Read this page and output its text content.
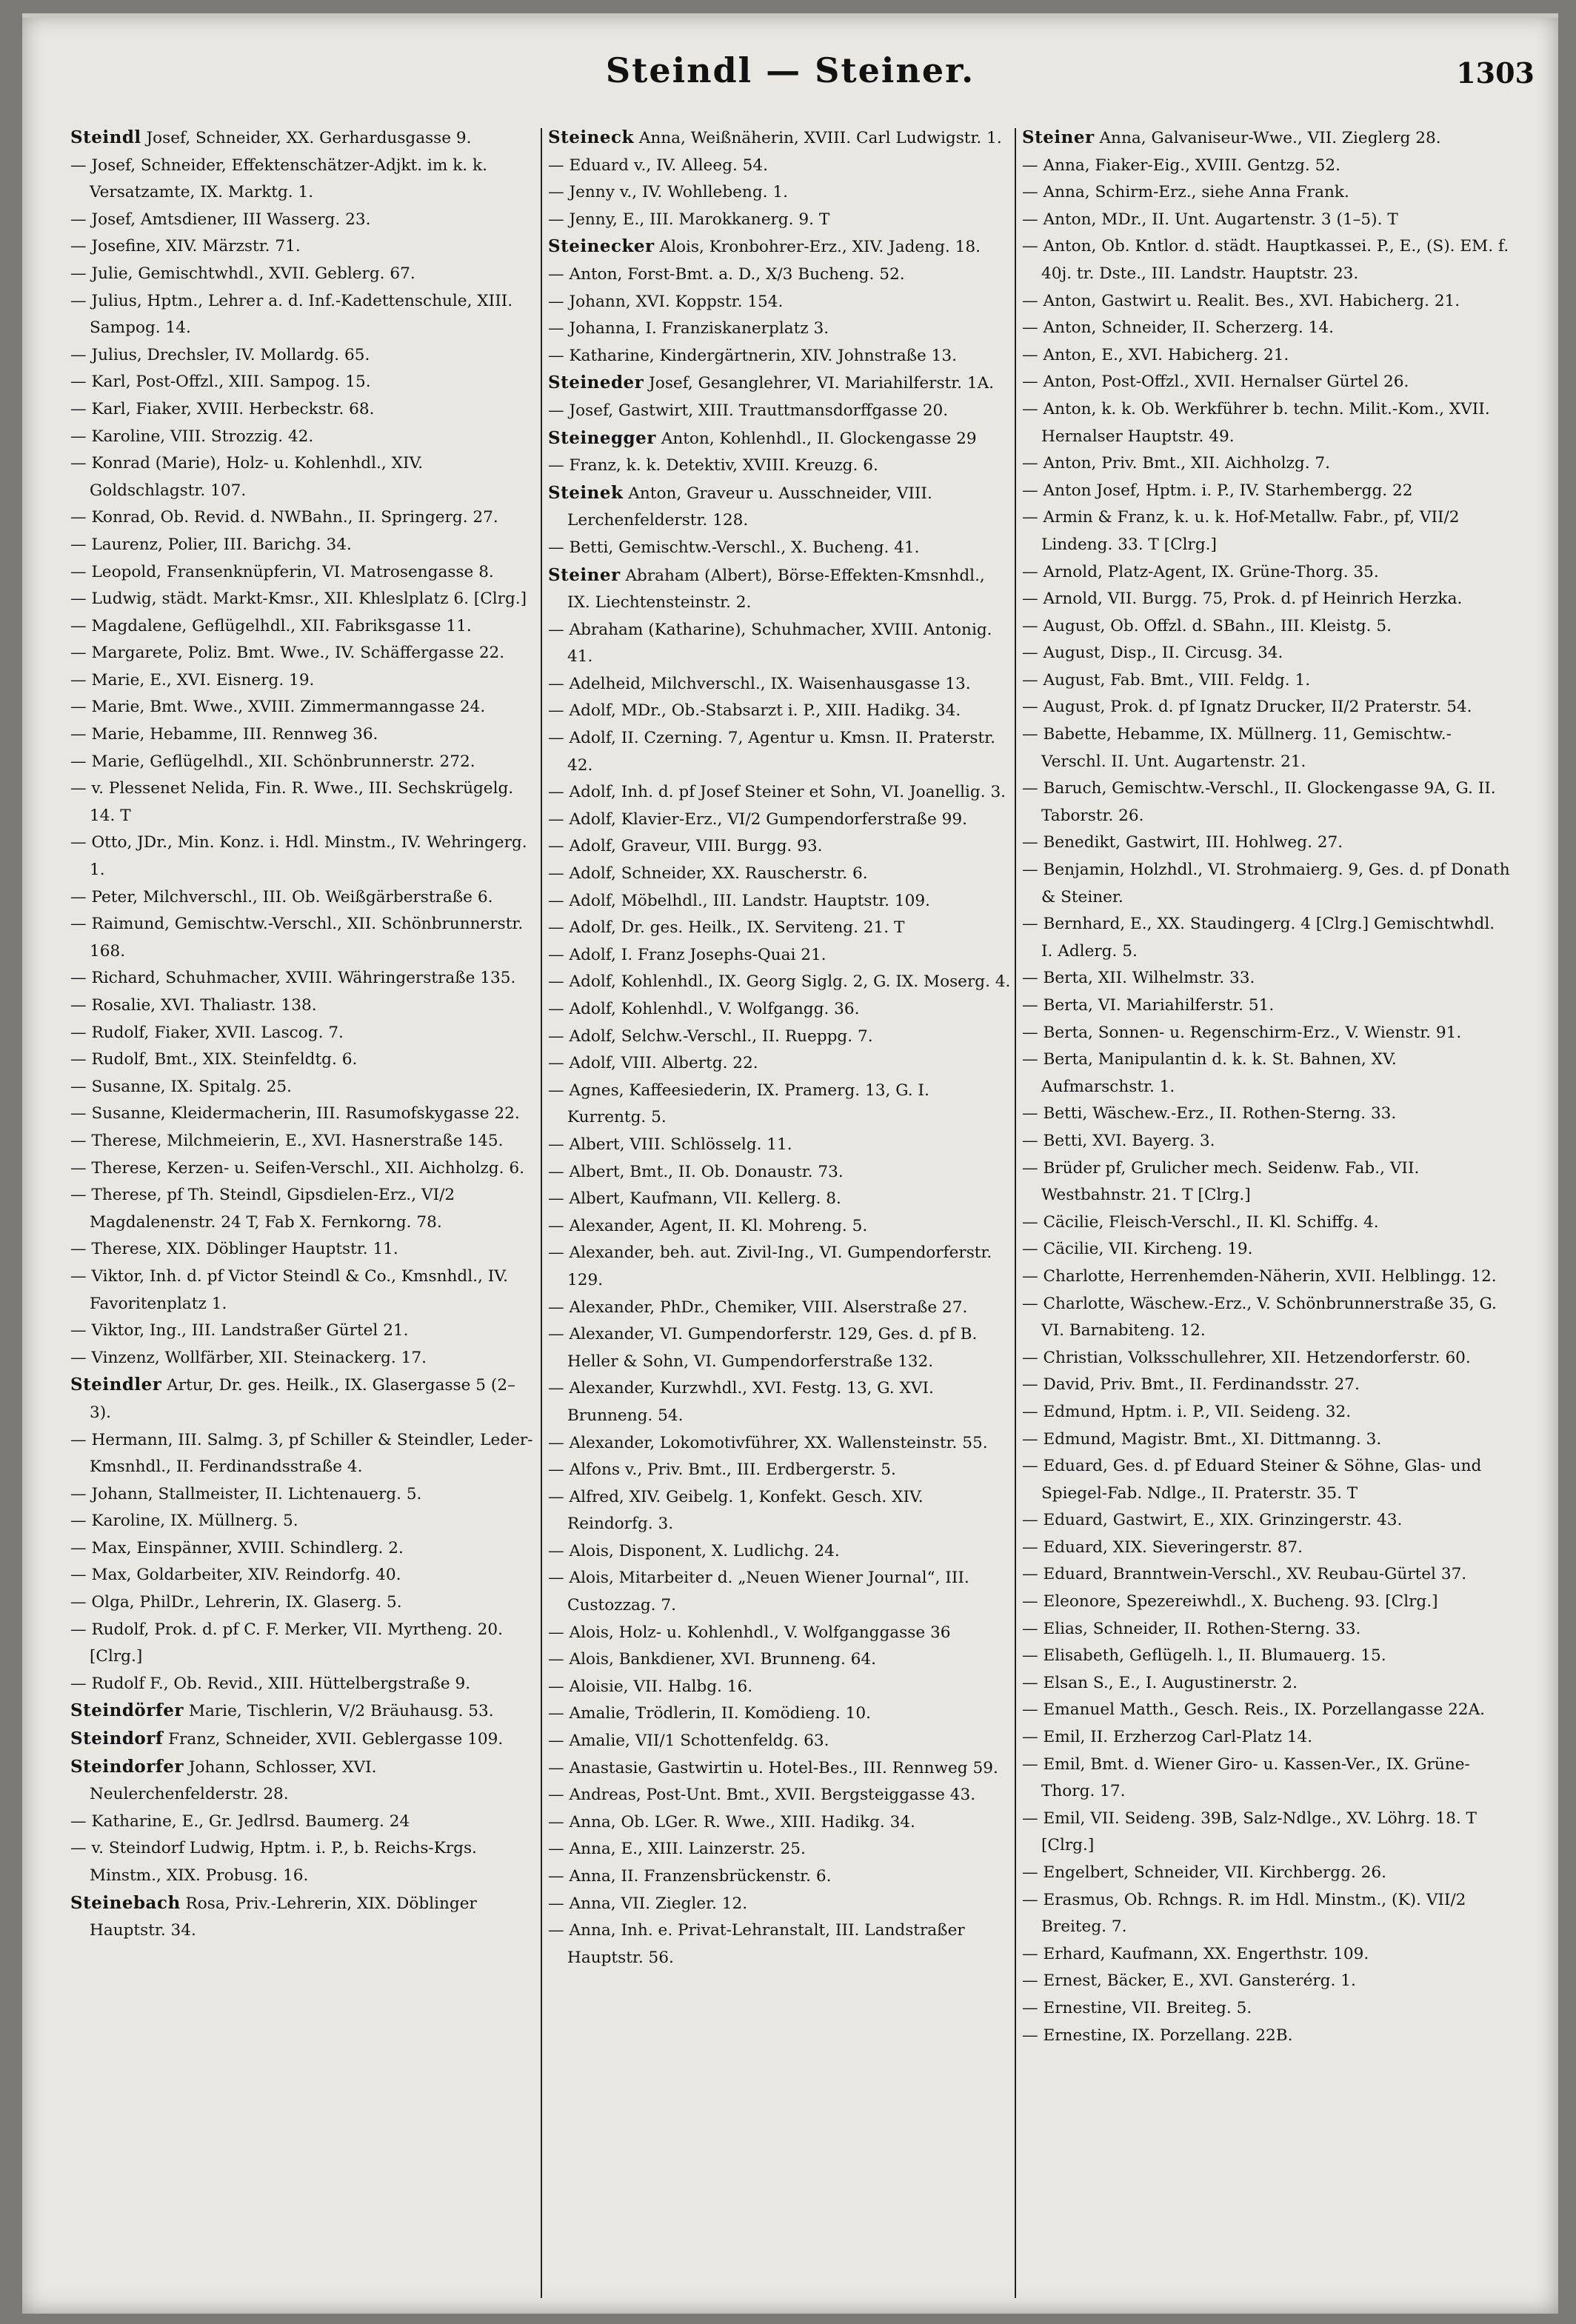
Steindl — Steiner.	1303

Steindl Josef, Schneider, XX. Gerhardusgasse 9.

— Josef, Schneider, Effektenschätzer-Adjkt. im k. k. Versatzamte, IX. Marktg. 1.

— Josef, Amtsdiener, III Wasserg. 23.

— Josefine, XIV. Märzstr. 71.

— Julie, Gemischtwhdl., XVII. Geblerg. 67.

— Julius, Hptm., Lehrer a. d. Inf.-Kadettenschule, XIII. Sampog. 14.

— Julius, Drechsler, IV. Mollardg. 65.

— Karl, Post-Offzl., XIII. Sampog. 15.

— Karl, Fiaker, XVIII. Herbeckstr. 68.

— Karoline, VIII. Strozzig. 42.

— Konrad (Marie), Holz- u. Kohlenhdl., XIV. Goldschlagstr. 107.

— Konrad, Ob. Revid. d. NWBahn., II. Springerg. 27.

— Laurenz, Polier, III. Barichg. 34.

— Leopold, Fransenknüpferin, VI. Matrosengasse 8.

— Ludwig, städt. Markt-Kmsr., XII. Khleslplatz 6. [Clrg.]

— Magdalene, Geflügelhdl., XII. Fabriksgasse 11.

— Margarete, Poliz. Bmt. Wwe., IV. Schäffergasse 22.

— Marie, E., XVI. Eisnerg. 19.

— Marie, Bmt. Wwe., XVIII. Zimmermanngasse 24.

— Marie, Hebamme, III. Rennweg 36.

— Marie, Geflügelhdl., XII. Schönbrunnerstr. 272.

— v. Plessenet Nelida, Fin. R. Wwe., III. Sechskrügelg. 14. T

— Otto, JDr., Min. Konz. i. Hdl. Minstm., IV. Wehringerg. 1.

— Peter, Milchverschl., III. Ob. Weißgärberstraße 6.

— Raimund, Gemischtw.-Verschl., XII. Schönbrunnerstr. 168.

— Richard, Schuhmacher, XVIII. Währingerstraße 135.

— Rosalie, XVI. Thaliastr. 138.

— Rudolf, Fiaker, XVII. Lascog. 7.

— Rudolf, Bmt., XIX. Steinfeldtg. 6.

— Susanne, IX. Spitalg. 25.

— Susanne, Kleidermacherin, III. Rasumofskygasse 22.

— Therese, Milchmeierin, E., XVI. Hasnerstraße 145.

— Therese, Kerzen- u. Seifen-Verschl., XII. Aichholzg. 6.

— Therese, pf Th. Steindl, Gipsdielen-Erz., VI/2 Magdalenenstr. 24 T, Fab X. Fernkorng. 78.

— Therese, XIX. Döblinger Hauptstr. 11.

— Viktor, Inh. d. pf Victor Steindl & Co., Kmsnhdl., IV. Favoritenplatz 1.

— Viktor, Ing., III. Landstraßer Gürtel 21.

— Vinzenz, Wollfärber, XII. Steinackerg. 17.

Steindler Artur, Dr. ges. Heilk., IX. Glasergasse 5 (2–3).

— Hermann, III. Salmg. 3, pf Schiller & Steindler, Leder-Kmsnhdl., II. Ferdinandsstraße 4.

— Johann, Stallmeister, II. Lichtenauerg. 5.

— Karoline, IX. Müllnerg. 5.

— Max, Einspänner, XVIII. Schindlerg. 2.

— Max, Goldarbeiter, XIV. Reindorfg. 40.

— Olga, PhilDr., Lehrerin, IX. Glaserg. 5.

— Rudolf, Prok. d. pf C. F. Merker, VII. Myrtheng. 20. [Clrg.]

— Rudolf F., Ob. Revid., XIII. Hüttelbergstraße 9.

Steindörfer Marie, Tischlerin, V/2 Bräuhausg. 53.

Steindorf Franz, Schneider, XVII. Geblergasse 109.

Steindorfer Johann, Schlosser, XVI. Neulerchenfelderstr. 28.

— Katharine, E., Gr. Jedlrsd. Baumerg. 24

— v. Steindorf Ludwig, Hptm. i. P., b. Reichs-Krgs. Minstm., XIX. Probusg. 16.

Steinebach Rosa, Priv.-Lehrerin, XIX. Döblinger Hauptstr. 34.

Steineck Anna, Weißnäherin, XVIII. Carl Ludwigstr. 1.

— Eduard v., IV. Alleeg. 54.

— Jenny v., IV. Wohllebeng. 1.

— Jenny, E., III. Marokkanerg. 9. T

Steinecker Alois, Kronbohrer-Erz., XIV. Jadeng. 18.

— Anton, Forst-Bmt. a. D., X/3 Bucheng. 52.

— Johann, XVI. Koppstr. 154.

— Johanna, I. Franziskanerplatz 3.

— Katharine, Kindergärtnerin, XIV. Johnstraße 13.

Steineder Josef, Gesanglehrer, VI. Mariahilferstr. 1A.

— Josef, Gastwirt, XIII. Trauttmansdorffgasse 20.

Steinegger Anton, Kohlenhdl., II. Glockengasse 29

— Franz, k. k. Detektiv, XVIII. Kreuzg. 6.

Steinek Anton, Graveur u. Ausschneider, VIII. Lerchenfelderstr. 128.

— Betti, Gemischtw.-Verschl., X. Bucheng. 41.

Steiner Abraham (Albert), Börse-Effekten-Kmsnhdl., IX. Liechtensteinstr. 2.

— Abraham (Katharine), Schuhmacher, XVIII. Antonig. 41.

— Adelheid, Milchverschl., IX. Waisenhausgasse 13.

— Adolf, MDr., Ob.-Stabsarzt i. P., XIII. Hadikg. 34.

— Adolf, II. Czerning. 7, Agentur u. Kmsn. II. Praterstr. 42.

— Adolf, Inh. d. pf Josef Steiner et Sohn, VI. Joanellig. 3.

— Adolf, Klavier-Erz., VI/2 Gumpendorferstraße 99.

— Adolf, Graveur, VIII. Burgg. 93.

— Adolf, Schneider, XX. Rauscherstr. 6.

— Adolf, Möbelhdl., III. Landstr. Hauptstr. 109.

— Adolf, Dr. ges. Heilk., IX. Servitеng. 21. T

— Adolf, I. Franz Josephs-Quai 21.

— Adolf, Kohlenhdl., IX. Georg Siglg. 2, G. IX. Moserg. 4.

— Adolf, Kohlenhdl., V. Wolfgangg. 36.

— Adolf, Selchw.-Verschl., II. Rueppg. 7.

— Adolf, VIII. Albertg. 22.

— Agnes, Kaffeesiederin, IX. Pramerg. 13, G. I. Kurrentg. 5.

— Albert, VIII. Schlösselg. 11.

— Albert, Bmt., II. Ob. Donaustr. 73.

— Albert, Kaufmann, VII. Kellerg. 8.

— Alexander, Agent, II. Kl. Mohreng. 5.

— Alexander, beh. aut. Zivil-Ing., VI. Gumpendorferstr. 129.

— Alexander, PhDr., Chemiker, VIII. Alserstraße 27.

— Alexander, VI. Gumpendorferstr. 129, Ges. d. pf B. Heller & Sohn, VI. Gumpendorferstraße 132.

— Alexander, Kurzwhdl., XVI. Festg. 13, G. XVI. Brunneng. 54.

— Alexander, Lokomotivführer, XX. Wallensteinstr. 55.

— Alfons v., Priv. Bmt., III. Erdbergerstr. 5.

— Alfred, XIV. Geibelg. 1, Konfekt. Gesch. XIV. Reindorfg. 3.

— Alois, Disponent, X. Ludlichg. 24.

— Alois, Mitarbeiter d. „Neuen Wiener Journal“, III. Custozzag. 7.

— Alois, Holz- u. Kohlenhdl., V. Wolfganggasse 36

— Alois, Bankdiener, XVI. Brunneng. 64.

— Aloisie, VII. Halbg. 16.

— Amalie, Trödlerin, II. Komödieng. 10.

— Amalie, VII/1 Schottenfeldg. 63.

— Anastasie, Gastwirtin u. Hotel-Bes., III. Rennweg 59.

— Andreas, Post-Unt. Bmt., XVII. Bergsteiggasse 43.

— Anna, Ob. LGer. R. Wwe., XIII. Hadikg. 34.

— Anna, E., XIII. Lainzerstr. 25.

— Anna, II. Franzensbrückenstr. 6.

— Anna, VII. Ziegler. 12.

— Anna, Inh. e. Privat-Lehranstalt, III. Landstraßer Hauptstr. 56.

Steiner Anna, Galvaniseur-Wwe., VII. Zieglerg 28.

— Anna, Fiaker-Eig., XVIII. Gentzg. 52.

— Anna, Schirm-Erz., siehe Anna Frank.

— Anton, MDr., II. Unt. Augartenstr. 3 (1–5). T

— Anton, Ob. Kntlor. d. städt. Hauptkassei. P., E., (S). EM. f. 40j. tr. Dste., III. Landstr. Hauptstr. 23.

— Anton, Gastwirt u. Realit. Bes., XVI. Habicherg. 21.

— Anton, Schneider, II. Scherzerg. 14.

— Anton, E., XVI. Habicherg. 21.

— Anton, Post-Offzl., XVII. Hernalser Gürtel 26.

— Anton, k. k. Ob. Werkführer b. techn. Milit.-Kom., XVII. Hernalser Hauptstr. 49.

— Anton, Priv. Bmt., XII. Aichholzg. 7.

— Anton Josef, Hptm. i. P., IV. Starhembergg. 22

— Armin & Franz, k. u. k. Hof-Metallw. Fabr., pf, VII/2 Lindeng. 33. T [Clrg.]

— Arnold, Platz-Agent, IX. Grüne-Thorg. 35.

— Arnold, VII. Burgg. 75, Prok. d. pf Heinrich Herzka.

— August, Ob. Offzl. d. SBahn., III. Kleistg. 5.

— August, Disp., II. Circusg. 34.

— August, Fab. Bmt., VIII. Feldg. 1.

— August, Prok. d. pf Ignatz Drucker, II/2 Praterstr. 54.

— Babette, Hebamme, IX. Müllnerg. 11, Gemischtw.-Verschl. II. Unt. Augartenstr. 21.

— Baruch, Gemischtw.-Verschl., II. Glockengasse 9A, G. II. Taborstr. 26.

— Benedikt, Gastwirt, III. Hohlweg. 27.

— Benjamin, Holzhdl., VI. Strohmaierg. 9, Ges. d. pf Donath & Steiner.

— Bernhard, E., XX. Staudingerg. 4 [Clrg.] Gemischtwhdl. I. Adlerg. 5.

— Berta, XII. Wilhelmstr. 33.

— Berta, VI. Mariahilferstr. 51.

— Berta, Sonnen- u. Regenschirm-Erz., V. Wienstr. 91.

— Berta, Manipulantin d. k. k. St. Bahnen, XV. Aufmarschstr. 1.

— Betti, Wäschew.-Erz., II. Rothen-Sterng. 33.

— Betti, XVI. Bayerg. 3.

— Brüder pf, Grulicher mech. Seidenw. Fab., VII. Westbahnstr. 21. T [Clrg.]

— Cäcilie, Fleisch-Verschl., II. Kl. Schiffg. 4.

— Cäcilie, VII. Kircheng. 19.

— Charlotte, Herrenhemden-Näherin, XVII. Helblingg. 12.

— Charlotte, Wäschew.-Erz., V. Schönbrunnerstraße 35, G. VI. Barnabiteng. 12.

— Christian, Volksschullehrer, XII. Hetzendorferstr. 60.

— David, Priv. Bmt., II. Ferdinandsstr. 27.

— Edmund, Hptm. i. P., VII. Seideng. 32.

— Edmund, Magistr. Bmt., XI. Dittmanng. 3.

— Eduard, Ges. d. pf Eduard Steiner & Söhne, Glas- und Spiegel-Fab. Ndlge., II. Praterstr. 35. T

— Eduard, Gastwirt, E., XIX. Grinzingerstr. 43.

— Eduard, XIX. Sieveringerstr. 87.

— Eduard, Branntwein-Verschl., XV. Reubau-Gürtel 37.

— Eleonore, Spezereiwhdl., X. Bucheng. 93. [Clrg.]

— Elias, Schneider, II. Rothen-Sterng. 33.

— Elisabeth, Geflügelh. l., II. Blumauerg. 15.

— Elsan S., E., I. Augustinerstr. 2.

— Emanuel Matth., Gesch. Reis., IX. Porzellangasse 22A.

— Emil, II. Erzherzog Carl-Platz 14.

— Emil, Bmt. d. Wiener Giro- u. Kassen-Ver., IX. Grüne-Thorg. 17.

— Emil, VII. Seideng. 39B, Salz-Ndlge., XV. Löhrg. 18. T [Clrg.]

— Engelbert, Schneider, VII. Kirchbergg. 26.

— Erasmus, Ob. Rchngs. R. im Hdl. Minstm., (K). VII/2 Breiteg. 7.

— Erhard, Kaufmann, XX. Engerthstr. 109.

— Ernest, Bäcker, E., XVI. Gansterérg. 1.

— Ernestine, VII. Breiteg. 5.

— Ernestine, IX. Porzellang. 22B.
